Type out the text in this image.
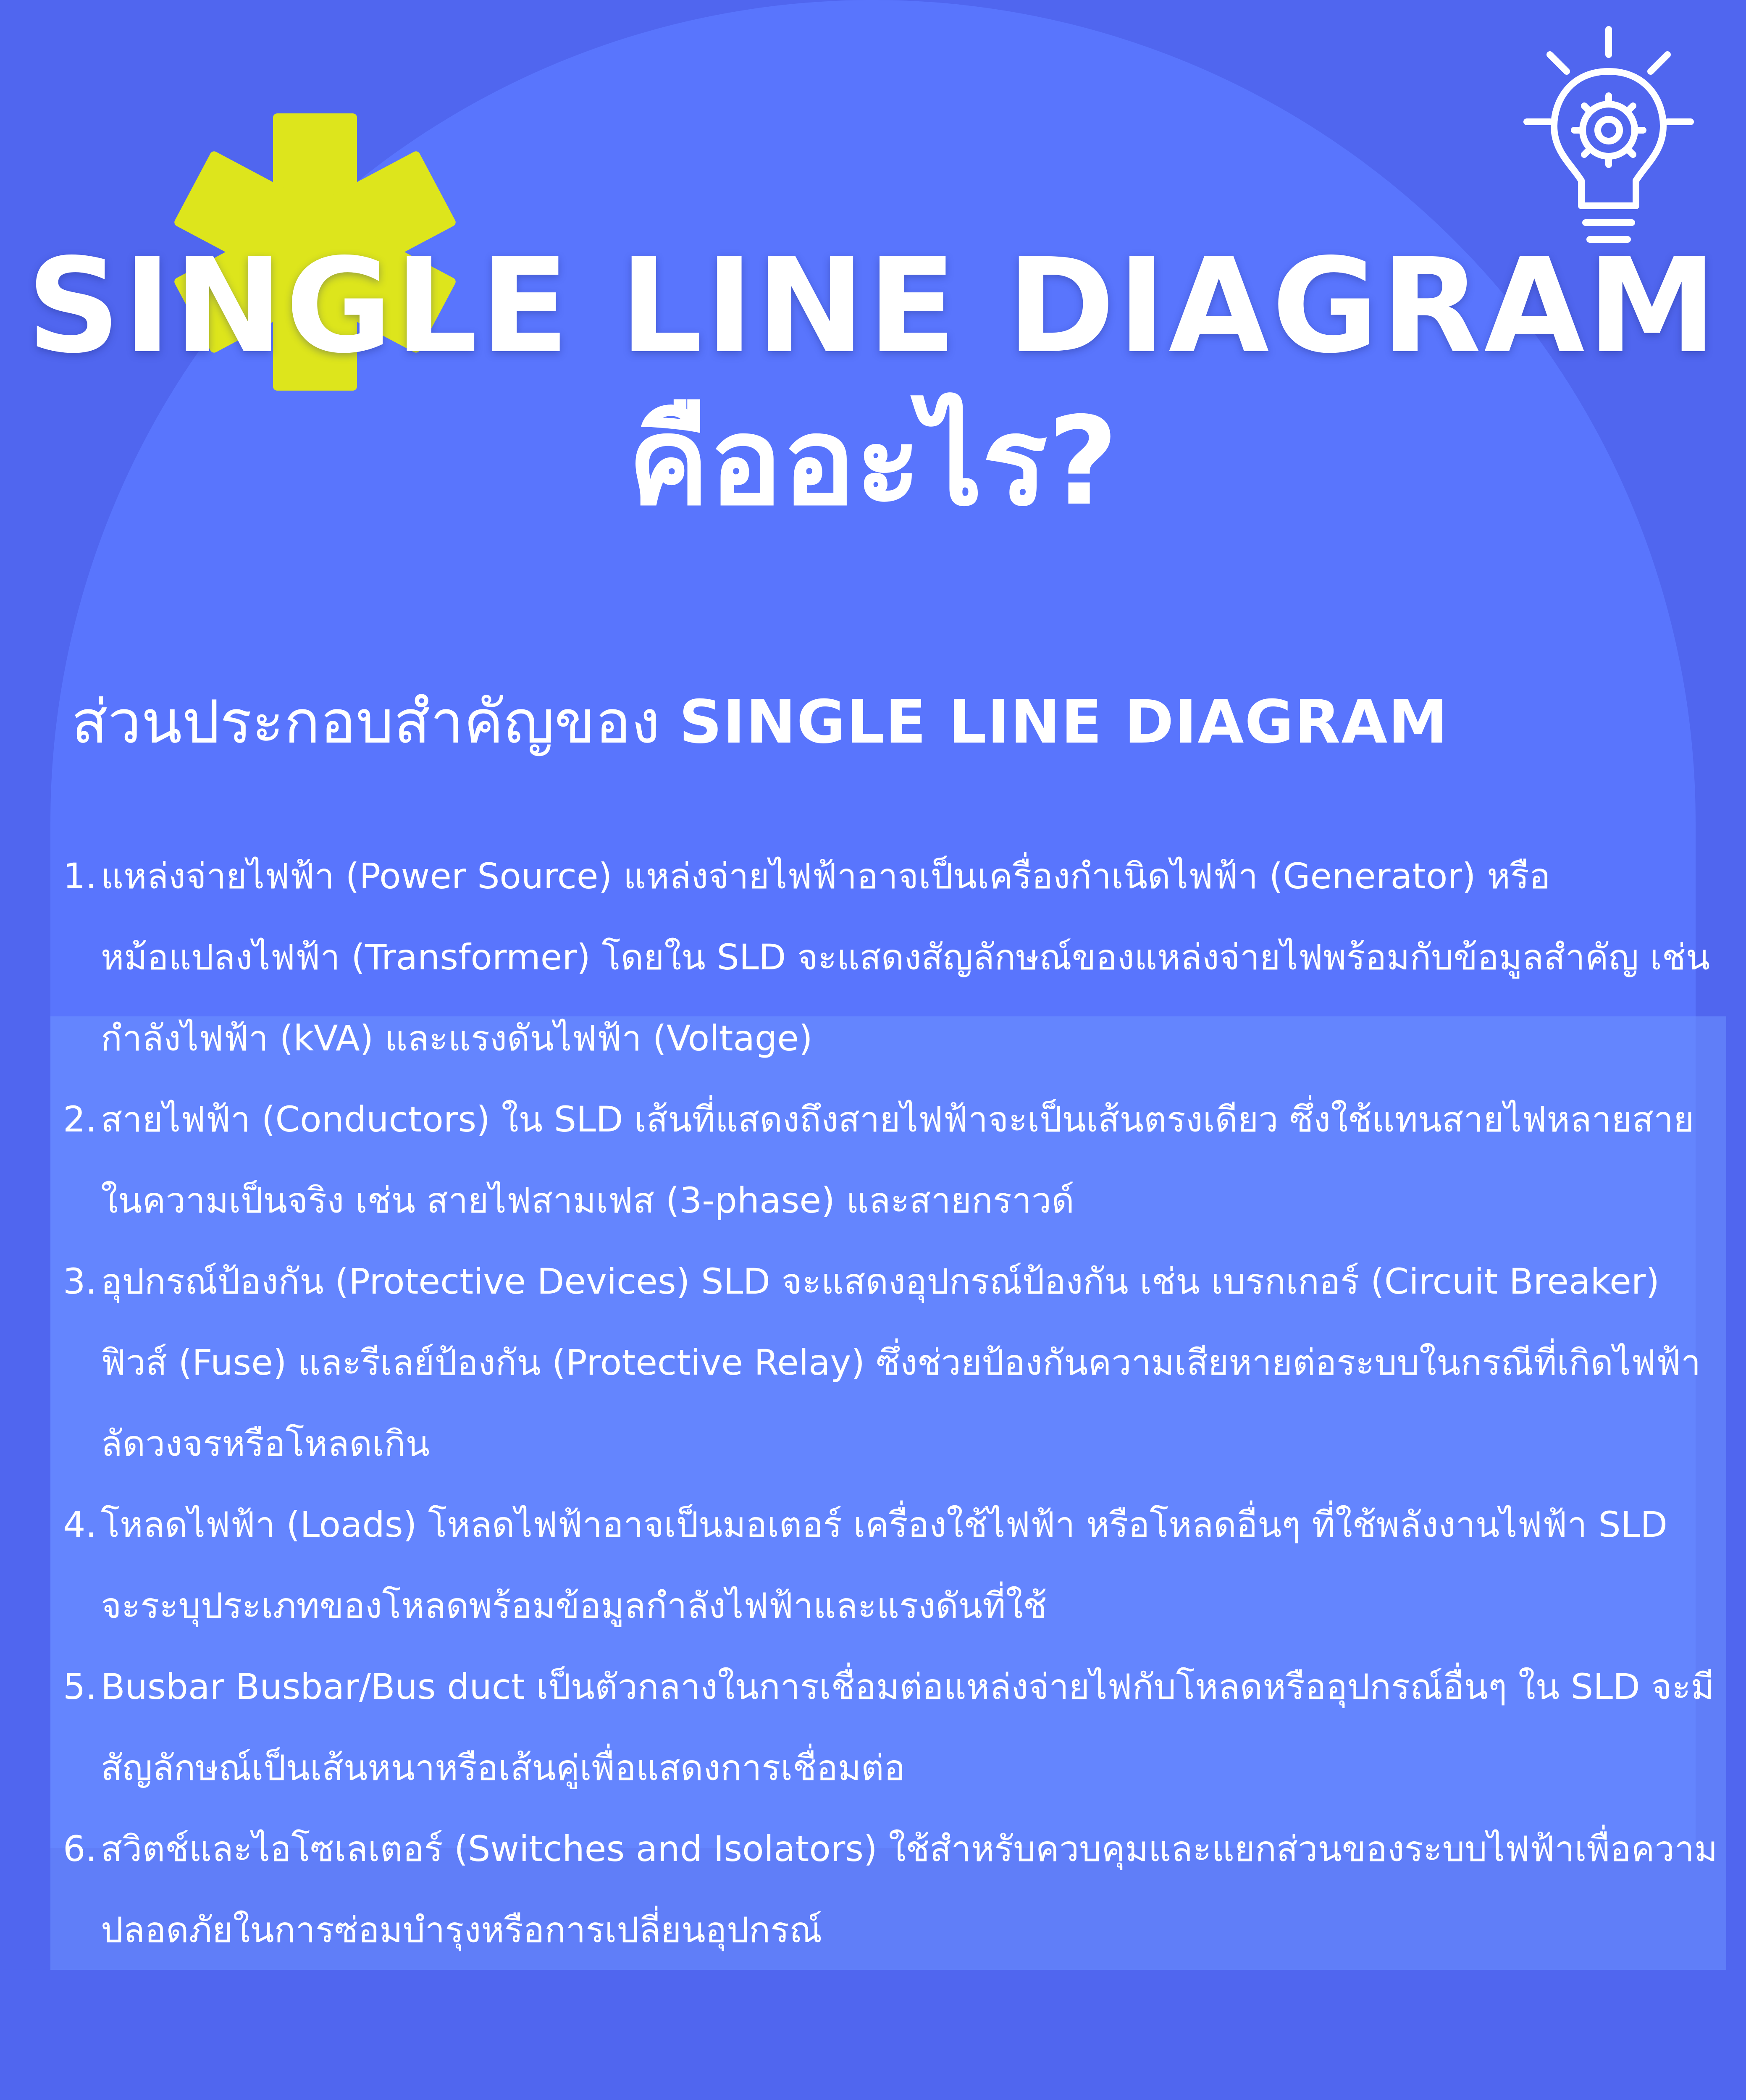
SINGLE LINE DIAGRAM
คืออะไร?
ส่วนประกอบสำคัญของ SINGLE LINE DIAGRAM
1. แหล่งจ่ายไฟฟ้า (Power Source) แหล่งจ่ายไฟฟ้าอาจเป็นเครื่องกำเนิดไฟฟ้า (Generator) หรือหม้อแปลงไฟฟ้า (Transformer) โดยใน SLD จะแสดงสัญลักษณ์ของแหล่งจ่ายไฟพร้อมกับข้อมูลสำคัญ เช่น กำลังไฟฟ้า (kVA) และแรงดันไฟฟ้า (Voltage)
2. สายไฟฟ้า (Conductors) ใน SLD เส้นที่แสดงถึงสายไฟฟ้าจะเป็นเส้นตรงเดียว ซึ่งใช้แทนสายไฟหลายสายในความเป็นจริง เช่น สายไฟสามเฟส (3-phase) และสายกราวด์
3. อุปกรณ์ป้องกัน (Protective Devices) SLD จะแสดงอุปกรณ์ป้องกัน เช่น เบรกเกอร์ (Circuit Breaker) ฟิวส์ (Fuse) และรีเลย์ป้องกัน (Protective Relay) ซึ่งช่วยป้องกันความเสียหายต่อระบบในกรณีที่เกิดไฟฟ้าลัดวงจรหรือโหลดเกิน
4. โหลดไฟฟ้า (Loads) โหลดไฟฟ้าอาจเป็นมอเตอร์ เครื่องใช้ไฟฟ้า หรือโหลดอื่นๆ ที่ใช้พลังงานไฟฟ้า SLD จะระบุประเภทของโหลดพร้อมข้อมูลกำลังไฟฟ้าและแรงดันที่ใช้
5. Busbar Busbar/Bus duct เป็นตัวกลางในการเชื่อมต่อแหล่งจ่ายไฟกับโหลดหรืออุปกรณ์อื่นๆ ใน SLD จะมีสัญลักษณ์เป็นเส้นหนาหรือเส้นคู่เพื่อแสดงการเชื่อมต่อ
6. สวิตช์และไอโซเลเตอร์ (Switches and Isolators) ใช้สำหรับควบคุมและแยกส่วนของระบบไฟฟ้าเพื่อความปลอดภัยในการซ่อมบำรุงหรือการเปลี่ยนอุปกรณ์
